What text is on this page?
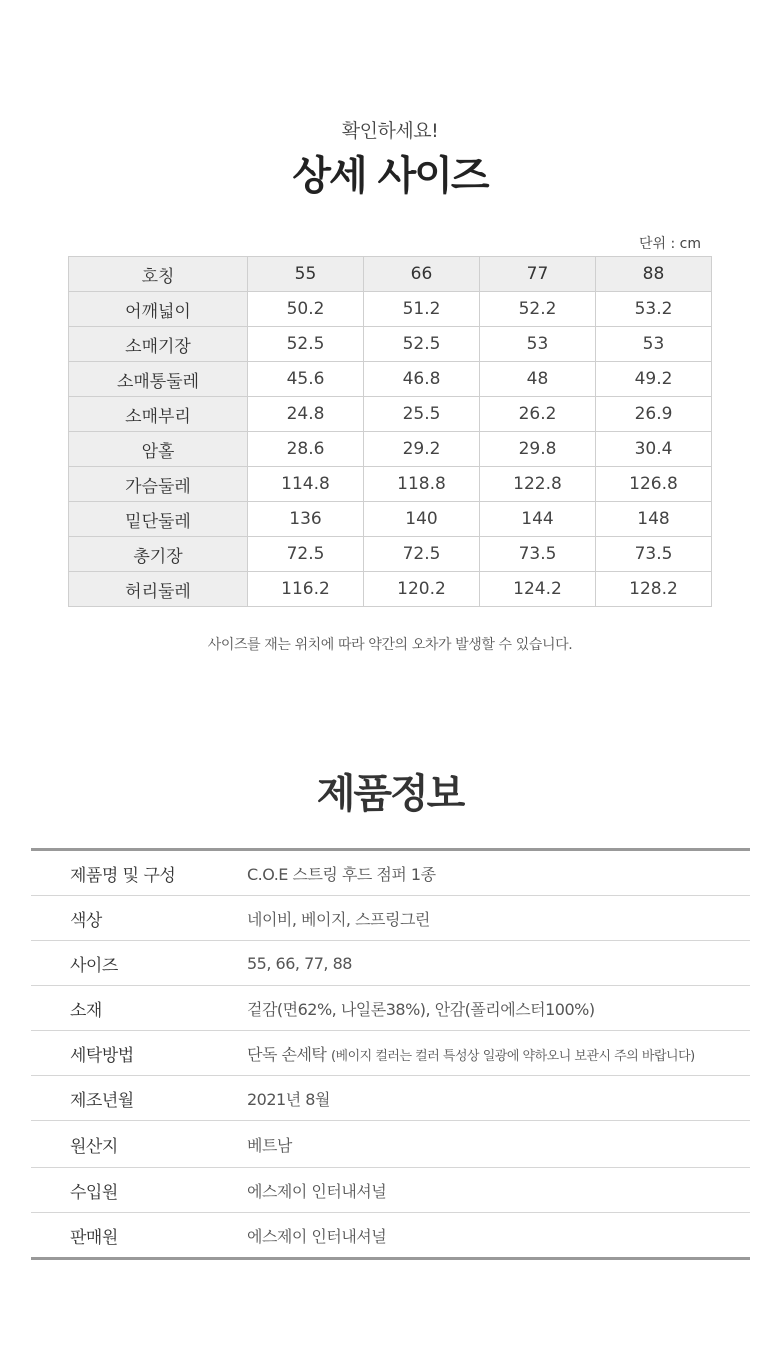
확인하세요!
상세 사이즈
단위 : cm
호칭	55	66	77	88
어깨넓이	50.2	51.2	52.2	53.2
소매기장	52.5	52.5	53	53
소매통둘레	45.6	46.8	48	49.2
소매부리	24.8	25.5	26.2	26.9
암홀	28.6	29.2	29.8	30.4
가슴둘레	114.8	118.8	122.8	126.8
밑단둘레	136	140	144	148
총기장	72.5	72.5	73.5	73.5
허리둘레	116.2	120.2	124.2	128.2
사이즈를 재는 위치에 따라 약간의 오차가 발생할 수 있습니다.
제품정보
제품명 및 구성	C.O.E 스트링 후드 점퍼 1종
색상	네이비, 베이지, 스프링그린
사이즈	55, 66, 77, 88
소재	겉감(면62%, 나일론38%), 안감(폴리에스터100%)
세탁방법	단독 손세탁 (베이지 컬러는 컬러 특성상 일광에 약하오니 보관시 주의 바랍니다)
제조년월	2021년 8월
원산지	베트남
수입원	에스제이 인터내셔널
판매원	에스제이 인터내셔널
